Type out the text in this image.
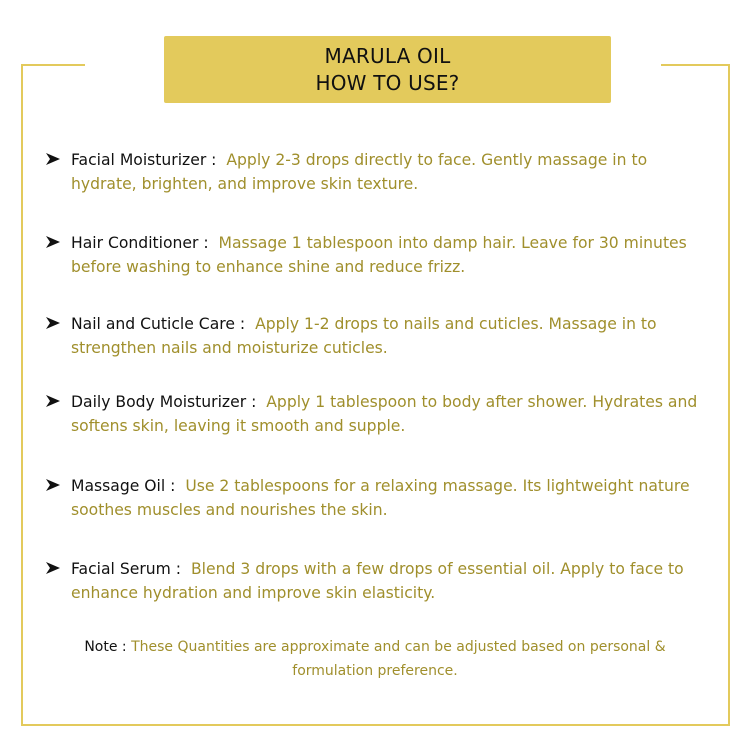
MARULA OIL
HOW TO USE?
Facial Moisturizer : Apply 2-3 drops directly to face. Gently massage in to hydrate, brighten, and improve skin texture.
Hair Conditioner : Massage 1 tablespoon into damp hair. Leave for 30 minutes before washing to enhance shine and reduce frizz.
Nail and Cuticle Care : Apply 1-2 drops to nails and cuticles. Massage in to strengthen nails and moisturize cuticles.
Daily Body Moisturizer : Apply 1 tablespoon to body after shower. Hydrates and softens skin, leaving it smooth and supple.
Massage Oil : Use 2 tablespoons for a relaxing massage. Its lightweight nature soothes muscles and nourishes the skin.
Facial Serum : Blend 3 drops with a few drops of essential oil. Apply to face to enhance hydration and improve skin elasticity.
Note : These Quantities are approximate and can be adjusted based on personal & formulation preference.
